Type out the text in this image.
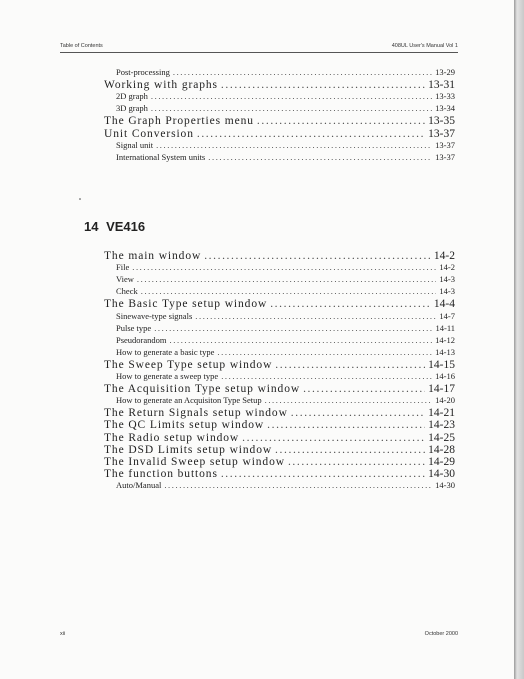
Table of Contents	408UL User's Manual Vol 1
Post-processing .....	13-29
Working with graphs .....	13-31
2D graph .....	13-33
3D graph .....	13-34
The Graph Properties menu .....	13-35
Unit Conversion .....	13-37
Signal unit .....	13-37
International System units .....	13-37
14 VE416
The main window .....	14-2
File .....	14-2
View .....	14-3
Check .....	14-3
The Basic Type setup window .....	14-4
Sinewave-type signals .....	14-7
Pulse type .....	14-11
Pseudorandom .....	14-12
How to generate a basic type .....	14-13
The Sweep Type setup window .....	14-15
How to generate a sweep type .....	14-16
The Acquisition Type setup window .....	14-17
How to generate an Acquisiton Type Setup .....	14-20
The Return Signals setup window .....	14-21
The QC Limits setup window .....	14-23
The Radio setup window .....	14-25
The DSD Limits setup window .....	14-28
The Invalid Sweep setup window .....	14-29
The function buttons .....	14-30
Auto/Manual .....	14-30
xii	October 2000
